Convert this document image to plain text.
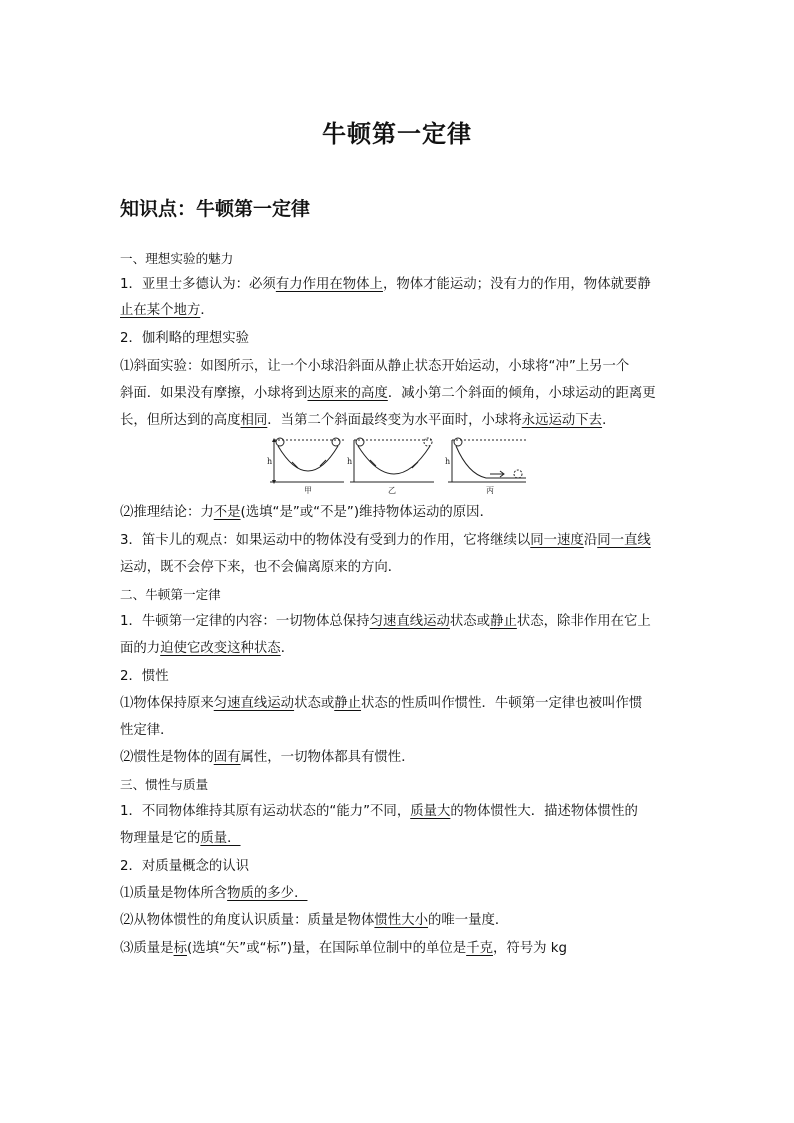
牛顿第一定律
知识点：牛顿第一定律
一、理想实验的魅力
1．亚里士多德认为：必须有力作用在物体上，物体才能运动；没有力的作用，物体就要静
止在某个地方．
2．伽利略的理想实验
⑴斜面实验：如图所示，让一个小球沿斜面从静止状态开始运动，小球将“冲”上另一个
斜面．如果没有摩擦，小球将到达原来的高度．减小第二个斜面的倾角，小球运动的距离更
长，但所达到的高度相同．当第二个斜面最终变为水平面时，小球将永远运动下去．
h	h	h
甲	乙	丙
⑵推理结论：力不是(选填“是”或“不是”)维持物体运动的原因．
3．笛卡儿的观点：如果运动中的物体没有受到力的作用，它将继续以同一速度沿同一直线
运动，既不会停下来，也不会偏离原来的方向．
二、牛顿第一定律
1．牛顿第一定律的内容：一切物体总保持匀速直线运动状态或静止状态，除非作用在它上
面的力迫使它改变这种状态．
2．惯性
⑴物体保持原来匀速直线运动状态或静止状态的性质叫作惯性．牛顿第一定律也被叫作惯
性定律．
⑵惯性是物体的固有属性，一切物体都具有惯性．
三、惯性与质量
1．不同物体维持其原有运动状态的“能力”不同，质量大的物体惯性大．描述物体惯性的
物理量是它的质量．
2．对质量概念的认识
⑴质量是物体所含物质的多少．
⑵从物体惯性的角度认识质量：质量是物体惯性大小的唯一量度．
⑶质量是标(选填“矢”或“标”)量，在国际单位制中的单位是千克，符号为 kg
